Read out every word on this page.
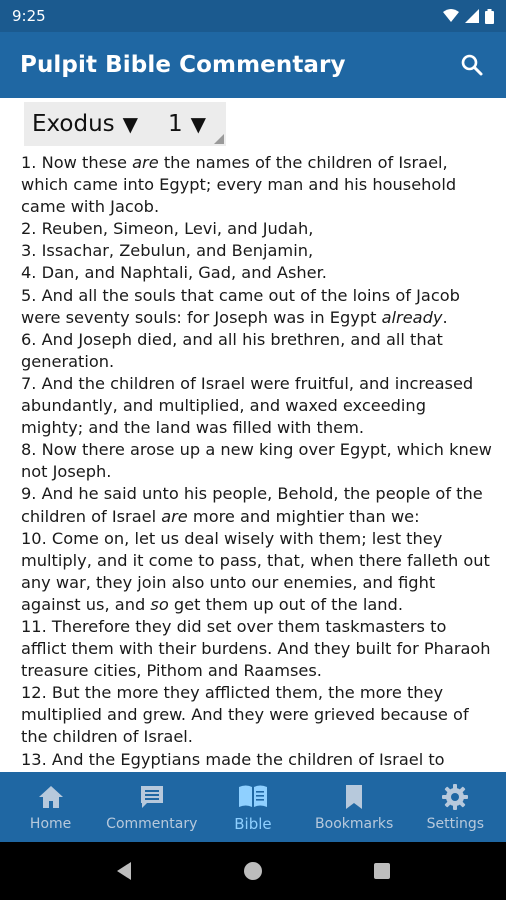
9:25
Pulpit Bible Commentary
Exodus ▼ 1 ▼
1. Now these are the names of the children of Israel, which came into Egypt; every man and his household came with Jacob.
2. Reuben, Simeon, Levi, and Judah,
3. Issachar, Zebulun, and Benjamin,
4. Dan, and Naphtali, Gad, and Asher.
5. And all the souls that came out of the loins of Jacob were seventy souls: for Joseph was in Egypt already.
6. And Joseph died, and all his brethren, and all that generation.
7. And the children of Israel were fruitful, and increased abundantly, and multiplied, and waxed exceeding mighty; and the land was filled with them.
8. Now there arose up a new king over Egypt, which knew not Joseph.
9. And he said unto his people, Behold, the people of the children of Israel are more and mightier than we:
10. Come on, let us deal wisely with them; lest they multiply, and it come to pass, that, when there falleth out any war, they join also unto our enemies, and fight against us, and so get them up out of the land.
11. Therefore they did set over them taskmasters to afflict them with their burdens. And they built for Pharaoh treasure cities, Pithom and Raamses.
12. But the more they afflicted them, the more they multiplied and grew. And they were grieved because of the children of Israel.
13. And the Egyptians made the children of Israel to
Home Commentary Bible	Bookmarks Settings
